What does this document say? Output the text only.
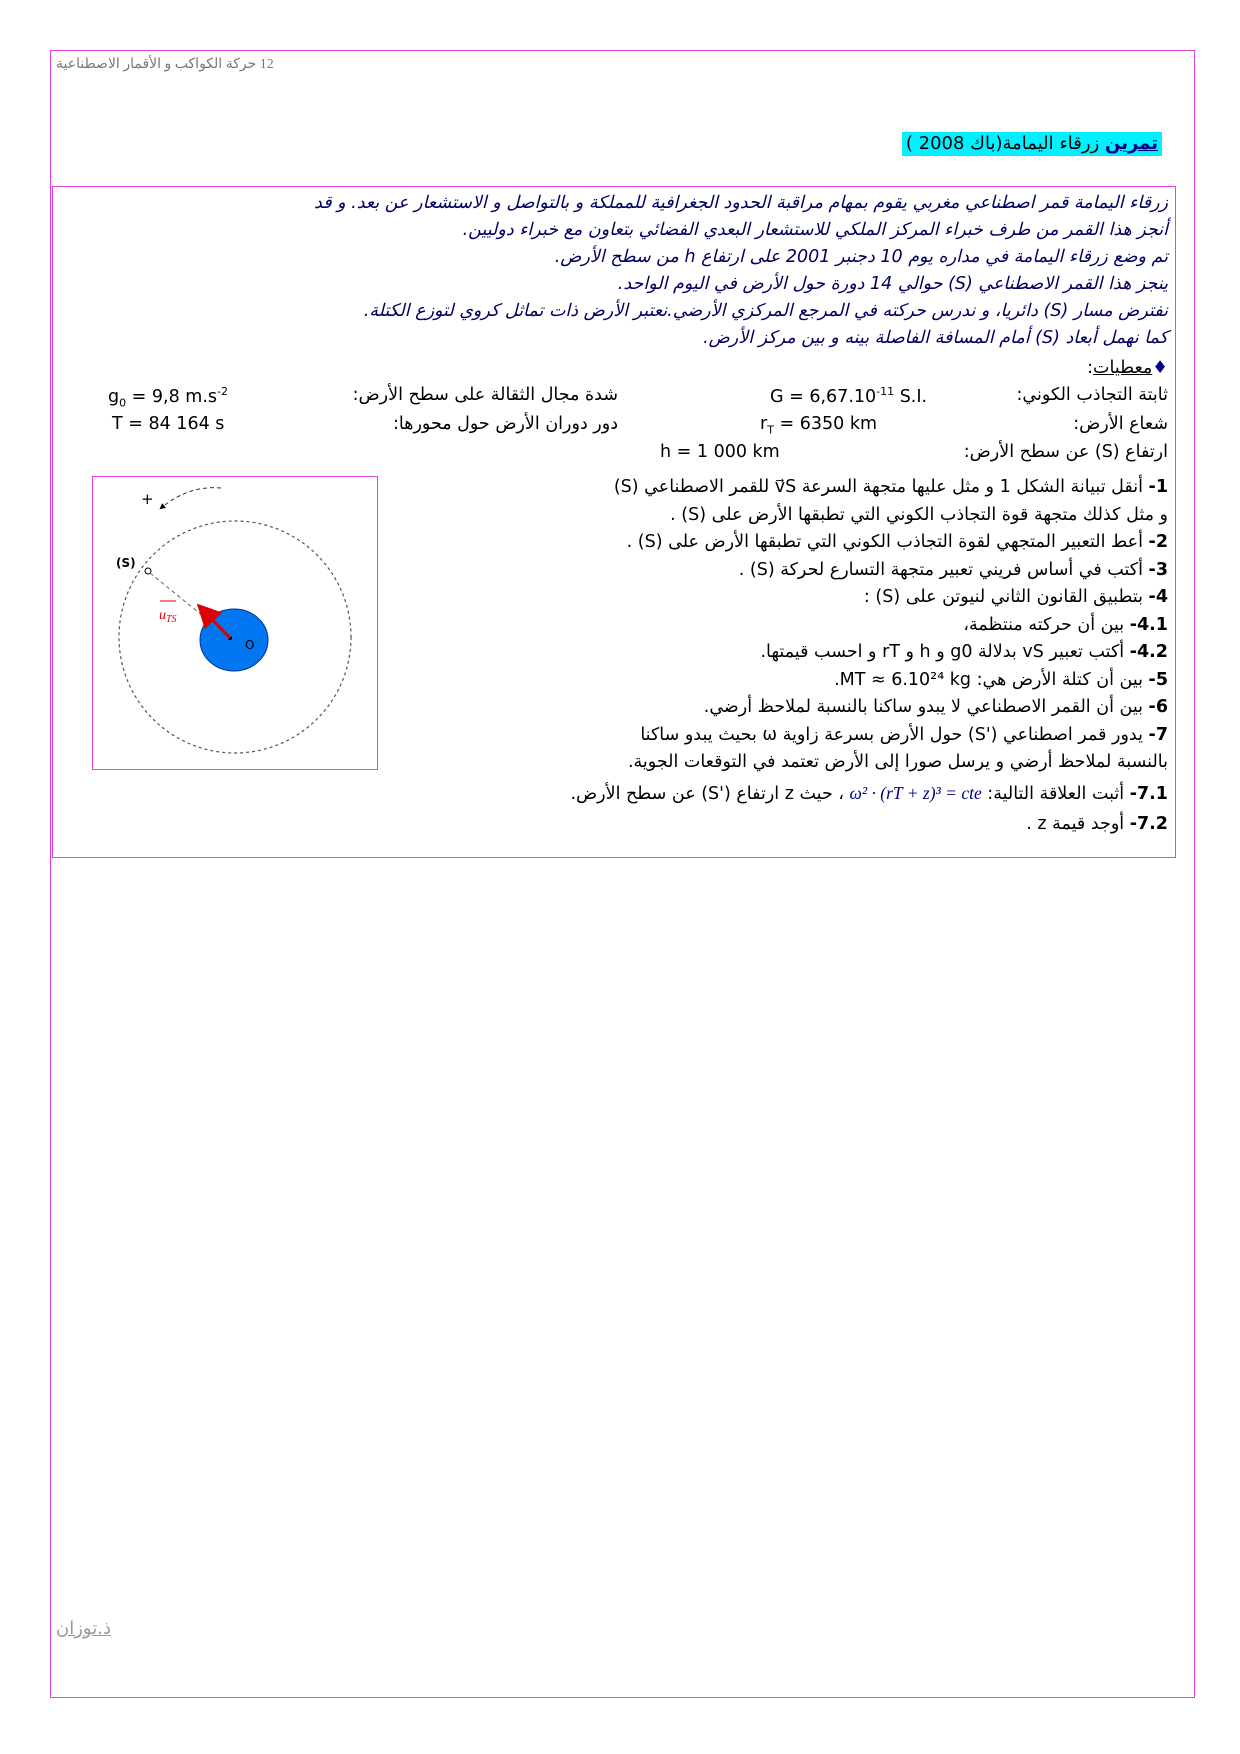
12 حركة الكواكب و الأقمار الاصطناعية
تمرين زرقاء اليمامة(باك 2008 )

زرقاء اليمامة قمر اصطناعي مغربي يقوم بمهام مراقبة الحدود الجغرافية للمملكة و بالتواصل و الاستشعار عن بعد. و قد

أنجز هذا القمر من طرف خبراء المركز الملكي للاستشعار البعدي الفضائي بتعاون مع خبراء دوليين.

تم وضع زرقاء اليمامة في مداره يوم 10 دجنبر 2001 على ارتفاع h من سطح الأرض.

ينجز هذا القمر الاصطناعي (S) حوالي 14 دورة حول الأرض في اليوم الواحد.

نفترض مسار (S) دائريا، و ندرس حركته في المرجع المركزي الأرضي.نعتبر الأرض ذات تماثل كروي لتوزع الكتلة.

كما نهمل أبعاد (S) أمام المسافة الفاصلة بينه و بين مركز الأرض.

♦معطيات:
ثابتة التجاذب الكوني:
$G = 6,67.10^{-11}$ S.I.
شدة مجال الثقالة على سطح الأرض:
$g_0 = 9,8$ $m.s^{-2}$
شعاع الأرض:
$r_T = 6350$ km
دور دوران الأرض حول محورها:
T = 84 164 s
ارتفاع (S) عن سطح الأرض:
h = 1 000 km

1- أنقل تبيانة الشكل 1 و مثل عليها متجهة السرعة v⃗S للقمر الاصطناعي (S)

و مثل كذلك متجهة قوة التجاذب الكوني التي تطبقها الأرض على (S) .

2- أعط التعبير المتجهي لقوة التجاذب الكوني التي تطبقها الأرض على (S) .

3- أكتب في أساس فريني تعبير متجهة التسارع لحركة (S) .

4- بتطبيق القانون الثاني لنيوتن على (S) :

4.1- بين أن حركته منتظمة،

4.2- أكتب تعبير vS بدلالة g0 و h و rT و احسب قيمتها.

5- بين أن كتلة الأرض هي: MT ≈ 6.10²⁴ kg.

6- بين أن القمر الاصطناعي لا يبدو ساكنا بالنسبة لملاحظ أرضي.

7- يدور قمر اصطناعي ('S) حول الأرض بسرعة زاوية ω بحيث يبدو ساكنا

بالنسبة لملاحظ أرضي و يرسل صورا إلى الأرض تعتمد في التوقعات الجوية.

7.1- أثبت العلاقة التالية: ω² · (rT + z)³ = cte ، حيث z ارتفاع ('S) عن سطح الأرض.

7.2- أوجد قيمة z .

+
O
(S)
$u_{TS}$
ذ.توزان
